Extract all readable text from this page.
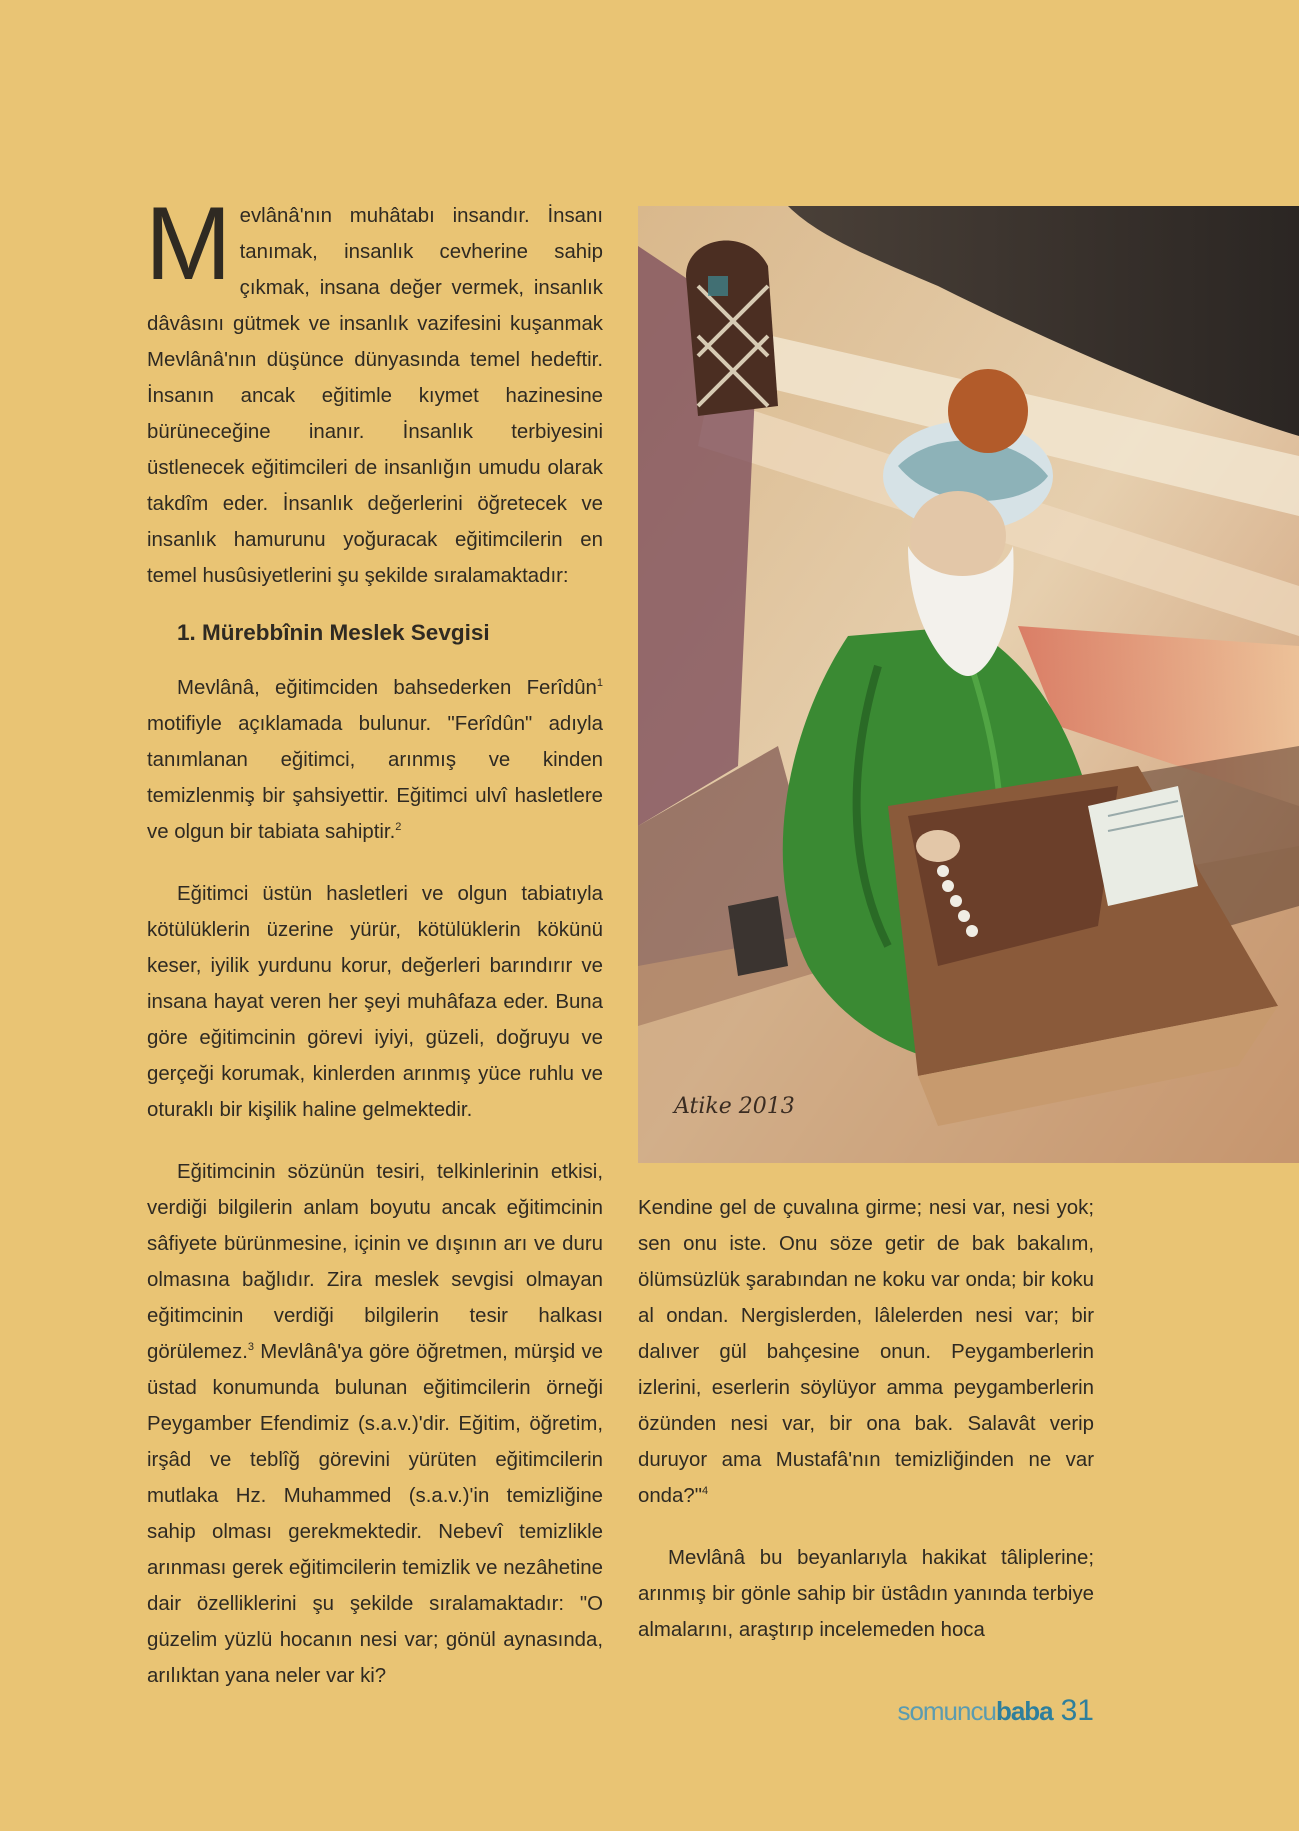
Mevlânâ'nın muhâtabı insandır. İnsanı tanımak, insanlık cevherine sahip çıkmak, insana değer vermek, insanlık dâvâsını gütmek ve insanlık vazifesini kuşanmak Mevlânâ'nın düşünce dünyasında temel hedeftir. İnsanın ancak eğitimle kıymet hazinesine bürüneceğine inanır. İnsanlık terbiyesini üstlenecek eğitimcileri de insanlığın umudu olarak takdîm eder. İnsanlık değerlerini öğretecek ve insanlık hamurunu yoğuracak eğitimcilerin en temel husûsiyetlerini şu şekilde sıralamaktadır:

1. Mürebbînin Meslek Sevgisi

Mevlânâ, eğitimciden bahsederken Ferîdûn$^1$ motifiyle açıklamada bulunur. "Ferîdûn" adıyla tanımlanan eğitimci, arınmış ve kinden temizlenmiş bir şahsiyettir. Eğitimci ulvî hasletlere ve olgun bir tabiata sahiptir.$^2$

Eğitimci üstün hasletleri ve olgun tabiatıyla kötülüklerin üzerine yürür, kötülüklerin kökünü keser, iyilik yurdunu korur, değerleri barındırır ve insana hayat veren her şeyi muhâfaza eder. Buna göre eğitimcinin görevi iyiyi, güzeli, doğruyu ve gerçeği korumak, kinlerden arınmış yüce ruhlu ve oturaklı bir kişilik haline gelmektedir.

Eğitimcinin sözünün tesiri, telkinlerinin etkisi, verdiği bilgilerin anlam boyutu ancak eğitimcinin sâfiyete bürünmesine, içinin ve dışının arı ve duru olmasına bağlıdır. Zira meslek sevgisi olmayan eğitimcinin verdiği bilgilerin tesir halkası görülemez.$^3$ Mevlânâ'ya göre öğretmen, mürşid ve üstad konumunda bulunan eğitimcilerin örneği Peygamber Efendimiz (s.a.v.)'dir. Eğitim, öğretim, irşâd ve teblîğ görevini yürüten eğitimcilerin mutlaka Hz. Muhammed (s.a.v.)'in temizliğine sahip olması gerekmektedir. Nebevî temizlikle arınması gerek eğitimcilerin temizlik ve nezâhetine dair özelliklerini şu şekilde sıralamaktadır: "O güzelim yüzlü hocanın nesi var; gönül aynasında, arılıktan yana neler var ki?

Atike 2013

Kendine gel de çuvalına girme; nesi var, nesi yok; sen onu iste. Onu söze getir de bak bakalım, ölümsüzlük şarabından ne koku var onda; bir koku al ondan. Nergislerden, lâlelerden nesi var; bir dalıver gül bahçesine onun. Peygamberlerin izlerini, eserlerin söylüyor amma peygamberlerin özünden nesi var, bir ona bak. Salavât verip duruyor ama Mustafâ'nın temizliğinden ne var onda?"$^4$

Mevlânâ bu beyanlarıyla hakikat tâliplerine; arınmış bir gönle sahip bir üstâdın yanında terbiye almalarını, araştırıp incelemeden hoca

somuncubaba 31
